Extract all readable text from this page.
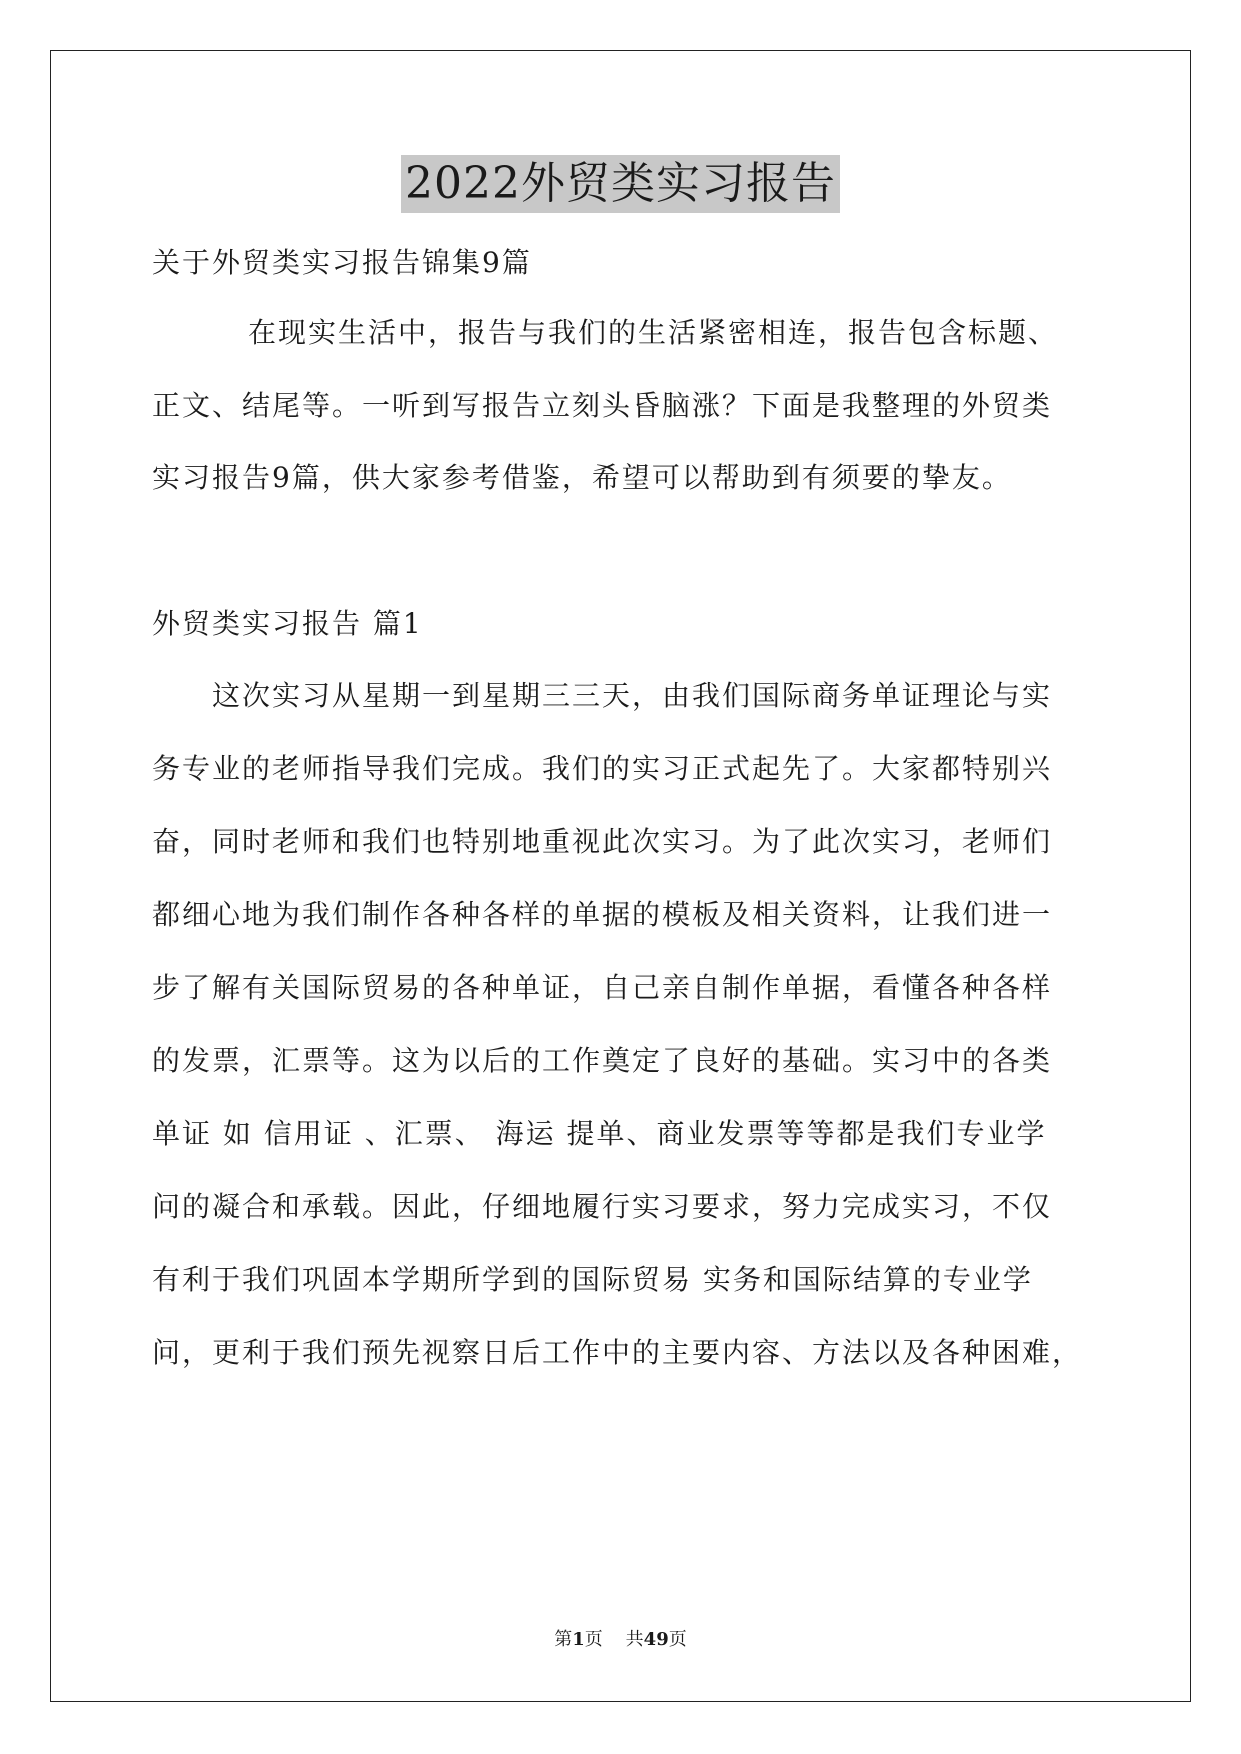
2022外贸类实习报告
关于外贸类实习报告锦集9篇
在现实生活中，报告与我们的生活紧密相连，报告包含标题、
正文、结尾等。一听到写报告立刻头昏脑涨？下面是我整理的外贸类
实习报告9篇，供大家参考借鉴，希望可以帮助到有须要的挚友。
外贸类实习报告 篇1
这次实习从星期一到星期三三天，由我们国际商务单证理论与实
务专业的老师指导我们完成。我们的实习正式起先了。大家都特别兴
奋，同时老师和我们也特别地重视此次实习。为了此次实习，老师们
都细心地为我们制作各种各样的单据的模板及相关资料，让我们进一
步了解有关国际贸易的各种单证，自己亲自制作单据，看懂各种各样
的发票，汇票等。这为以后的工作奠定了良好的基础。实习中的各类
单证 如 信用证 、汇票、 海运 提单、商业发票等等都是我们专业学
问的凝合和承载。因此，仔细地履行实习要求，努力完成实习，不仅
有利于我们巩固本学期所学到的国际贸易 实务和国际结算的专业学
问，更利于我们预先视察日后工作中的主要内容、方法以及各种困难，
第1页    共49页
